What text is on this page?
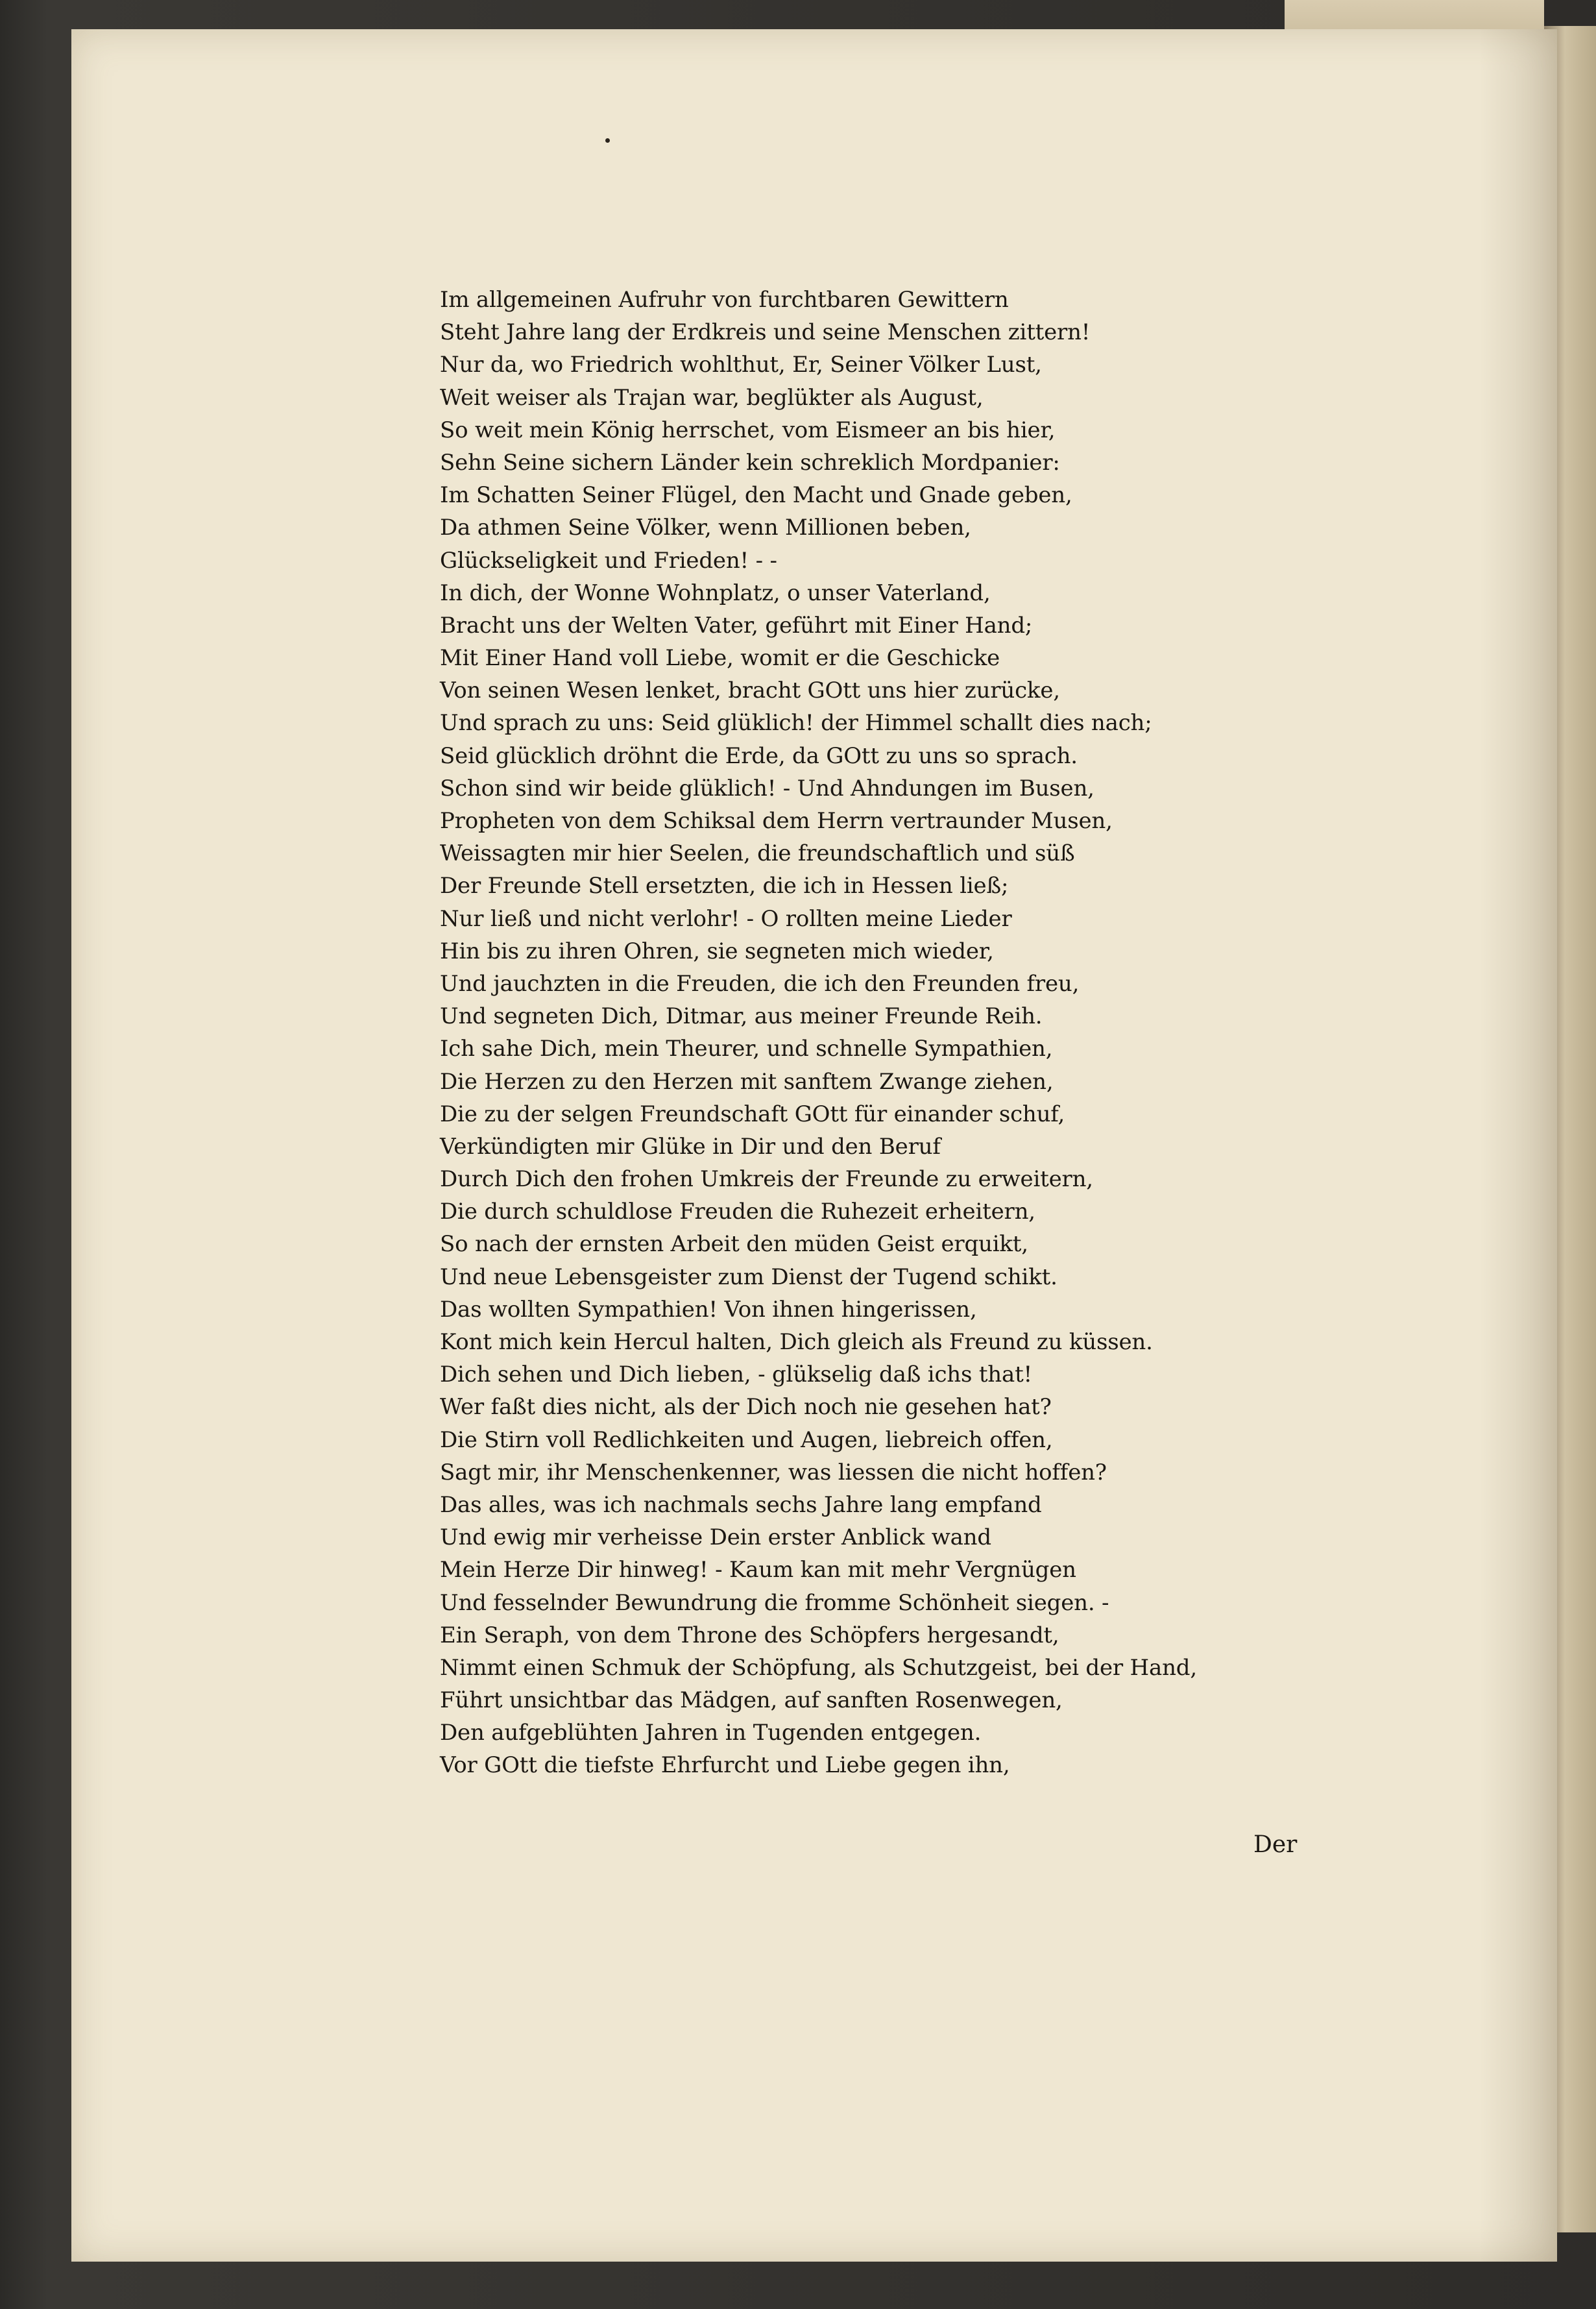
Im allgemeinen Aufruhr von furchtbaren Gewittern
Steht Jahre lang der Erdkreis und seine Menschen zittern!
Nur da, wo Friedrich wohlthut, Er, Seiner Völker Lust,
Weit weiser als Trajan war, beglükter als August,
So weit mein König herrschet, vom Eismeer an bis hier,
Sehn Seine sichern Länder kein schreklich Mordpanier:
Im Schatten Seiner Flügel, den Macht und Gnade geben,
Da athmen Seine Völker, wenn Millionen beben,
Glückseligkeit und Frieden! - -
In dich, der Wonne Wohnplatz, o unser Vaterland,
Bracht uns der Welten Vater, geführt mit Einer Hand;
Mit Einer Hand voll Liebe, womit er die Geschicke
Von seinen Wesen lenket, bracht GOtt uns hier zurücke,
Und sprach zu uns: Seid glüklich! der Himmel schallt dies nach;
Seid glücklich dröhnt die Erde, da GOtt zu uns so sprach.
Schon sind wir beide glüklich! - Und Ahndungen im Busen,
Propheten von dem Schiksal dem Herrn vertraunder Musen,
Weissagten mir hier Seelen, die freundschaftlich und süß
Der Freunde Stell ersetzten, die ich in Hessen ließ;
Nur ließ und nicht verlohr! - O rollten meine Lieder
Hin bis zu ihren Ohren, sie segneten mich wieder,
Und jauchzten in die Freuden, die ich den Freunden freu,
Und segneten Dich, Ditmar, aus meiner Freunde Reih.
Ich sahe Dich, mein Theurer, und schnelle Sympathien,
Die Herzen zu den Herzen mit sanftem Zwange ziehen,
Die zu der selgen Freundschaft GOtt für einander schuf,
Verkündigten mir Glüke in Dir und den Beruf
Durch Dich den frohen Umkreis der Freunde zu erweitern,
Die durch schuldlose Freuden die Ruhezeit erheitern,
So nach der ernsten Arbeit den müden Geist erquikt,
Und neue Lebensgeister zum Dienst der Tugend schikt.
Das wollten Sympathien! Von ihnen hingerissen,
Kont mich kein Hercul halten, Dich gleich als Freund zu küssen.
Dich sehen und Dich lieben, - glükselig daß ichs that!
Wer faßt dies nicht, als der Dich noch nie gesehen hat?
Die Stirn voll Redlichkeiten und Augen, liebreich offen,
Sagt mir, ihr Menschenkenner, was liessen die nicht hoffen?
Das alles, was ich nachmals sechs Jahre lang empfand
Und ewig mir verheisse Dein erster Anblick wand
Mein Herze Dir hinweg! - Kaum kan mit mehr Vergnügen
Und fesselnder Bewundrung die fromme Schönheit siegen. -
Ein Seraph, von dem Throne des Schöpfers hergesandt,
Nimmt einen Schmuk der Schöpfung, als Schutzgeist, bei der Hand,
Führt unsichtbar das Mädgen, auf sanften Rosenwegen,
Den aufgeblühten Jahren in Tugenden entgegen.
Vor GOtt die tiefste Ehrfurcht und Liebe gegen ihn,
Der
